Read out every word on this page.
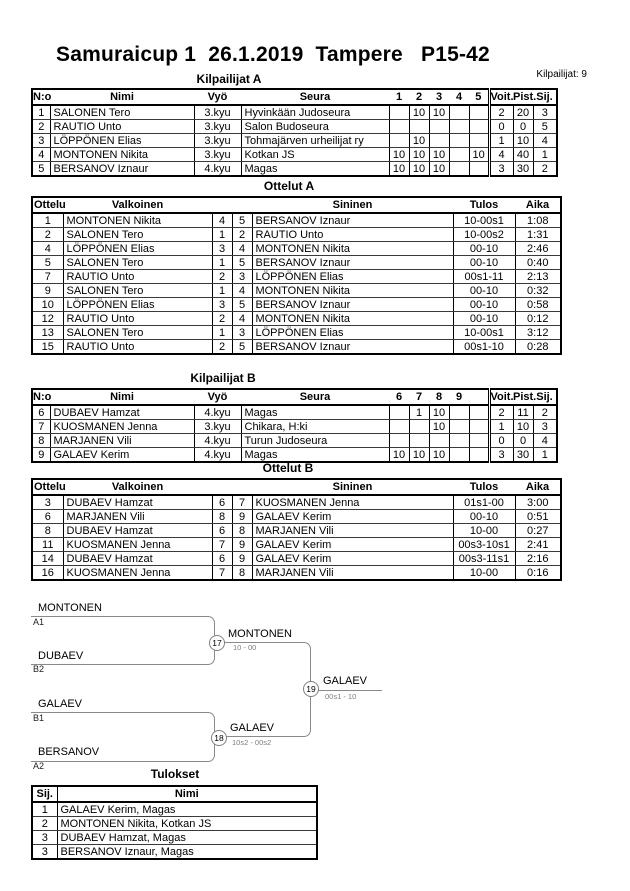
Samuraicup 1  26.1.2019  Tampere   P15-42
Kilpailijat A	Kilpailijat: 9
N:o	Nimi	Vyö	Seura	1	2	3	4	5	Voit.	Pist.	Sij.
1	SALONEN Tero	3.kyu	Hyvinkään Judoseura		10	10			2	20	3
2	RAUTIO Unto	3.kyu	Salon Budoseura						0	0	5
3	LÖPPÖNEN Elias	3.kyu	Tohmajärven urheilijat ry		10				1	10	4
4	MONTONEN Nikita	3.kyu	Kotkan JS	10	10	10		10	4	40	1
5	BERSANOV Iznaur	4.kyu	Magas	10	10	10			3	30	2
Ottelut A
Ottelu	Valkoinen			Sininen	Tulos	Aika
1	MONTONEN Nikita	4	5	BERSANOV Iznaur	10-00s1	1:08
2	SALONEN Tero	1	2	RAUTIO Unto	10-00s2	1:31
4	LÖPPÖNEN Elias	3	4	MONTONEN Nikita	00-10	2:46
5	SALONEN Tero	1	5	BERSANOV Iznaur	00-10	0:40
7	RAUTIO Unto	2	3	LÖPPÖNEN Elias	00s1-11	2:13
9	SALONEN Tero	1	4	MONTONEN Nikita	00-10	0:32
10	LÖPPÖNEN Elias	3	5	BERSANOV Iznaur	00-10	0:58
12	RAUTIO Unto	2	4	MONTONEN Nikita	00-10	0:12
13	SALONEN Tero	1	3	LÖPPÖNEN Elias	10-00s1	3:12
15	RAUTIO Unto	2	5	BERSANOV Iznaur	00s1-10	0:28
Kilpailijat B
N:o	Nimi	Vyö	Seura	6	7	8	9		Voit.	Pist.	Sij.
6	DUBAEV Hamzat	4.kyu	Magas		1	10			2	11	2
7	KUOSMANEN Jenna	3.kyu	Chikara, H:ki			10			1	10	3
8	MARJANEN Vili	4.kyu	Turun Judoseura						0	0	4
9	GALAEV Kerim	4.kyu	Magas	10	10	10			3	30	1
Ottelut B
Ottelu	Valkoinen			Sininen	Tulos	Aika
3	DUBAEV Hamzat	6	7	KUOSMANEN Jenna	01s1-00	3:00
6	MARJANEN Vili	8	9	GALAEV Kerim	00-10	0:51
8	DUBAEV Hamzat	6	8	MARJANEN Vili	10-00	0:27
11	KUOSMANEN Jenna	7	9	GALAEV Kerim	00s3-10s1	2:41
14	DUBAEV Hamzat	6	9	GALAEV Kerim	00s3-11s1	2:16
16	KUOSMANEN Jenna	7	8	MARJANEN Vili	10-00	0:16
MONTONEN
A1
DUBAEV
B2
17
MONTONEN
10 - 00
GALAEV
B1
BERSANOV
A2
18
GALAEV
10s2 - 00s2
19
GALAEV
00s1 - 10
Tulokset
Sij.	Nimi
1	GALAEV Kerim, Magas
2	MONTONEN Nikita, Kotkan JS
3	DUBAEV Hamzat, Magas
3	BERSANOV Iznaur, Magas
